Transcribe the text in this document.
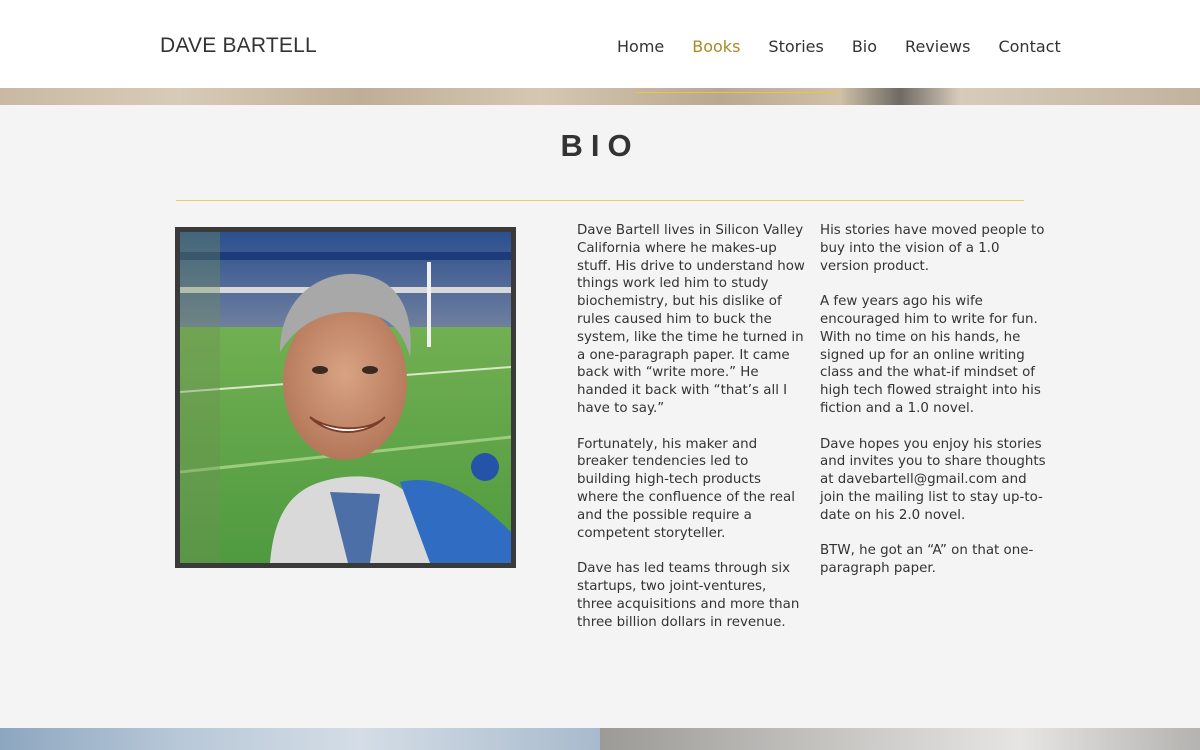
DAVE BARTELL	Home Books Stories Bio Reviews Contact
BIO

Dave Bartell lives in Silicon Valley California where he makes-up stuff. His drive to understand how things work led him to study biochemistry, but his dislike of rules caused him to buck the system, like the time he turned in a one-paragraph paper. It came back with “write more.” He handed it back with “that’s all I have to say.”

Fortunately, his maker and breaker tendencies led to building high-tech products where the confluence of the real and the possible require a competent storyteller.

Dave has led teams through six startups, two joint-ventures, three acquisitions and more than three billion dollars in revenue.

His stories have moved people to buy into the vision of a 1.0 version product.

A few years ago his wife encouraged him to write for fun. With no time on his hands, he signed up for an online writing class and the what-if mindset of high tech flowed straight into his fiction and a 1.0 novel.

Dave hopes you enjoy his stories and invites you to share thoughts at davebartell@gmail.com and join the mailing list to stay up-to-date on his 2.0 novel.

BTW, he got an “A” on that one-paragraph paper.
